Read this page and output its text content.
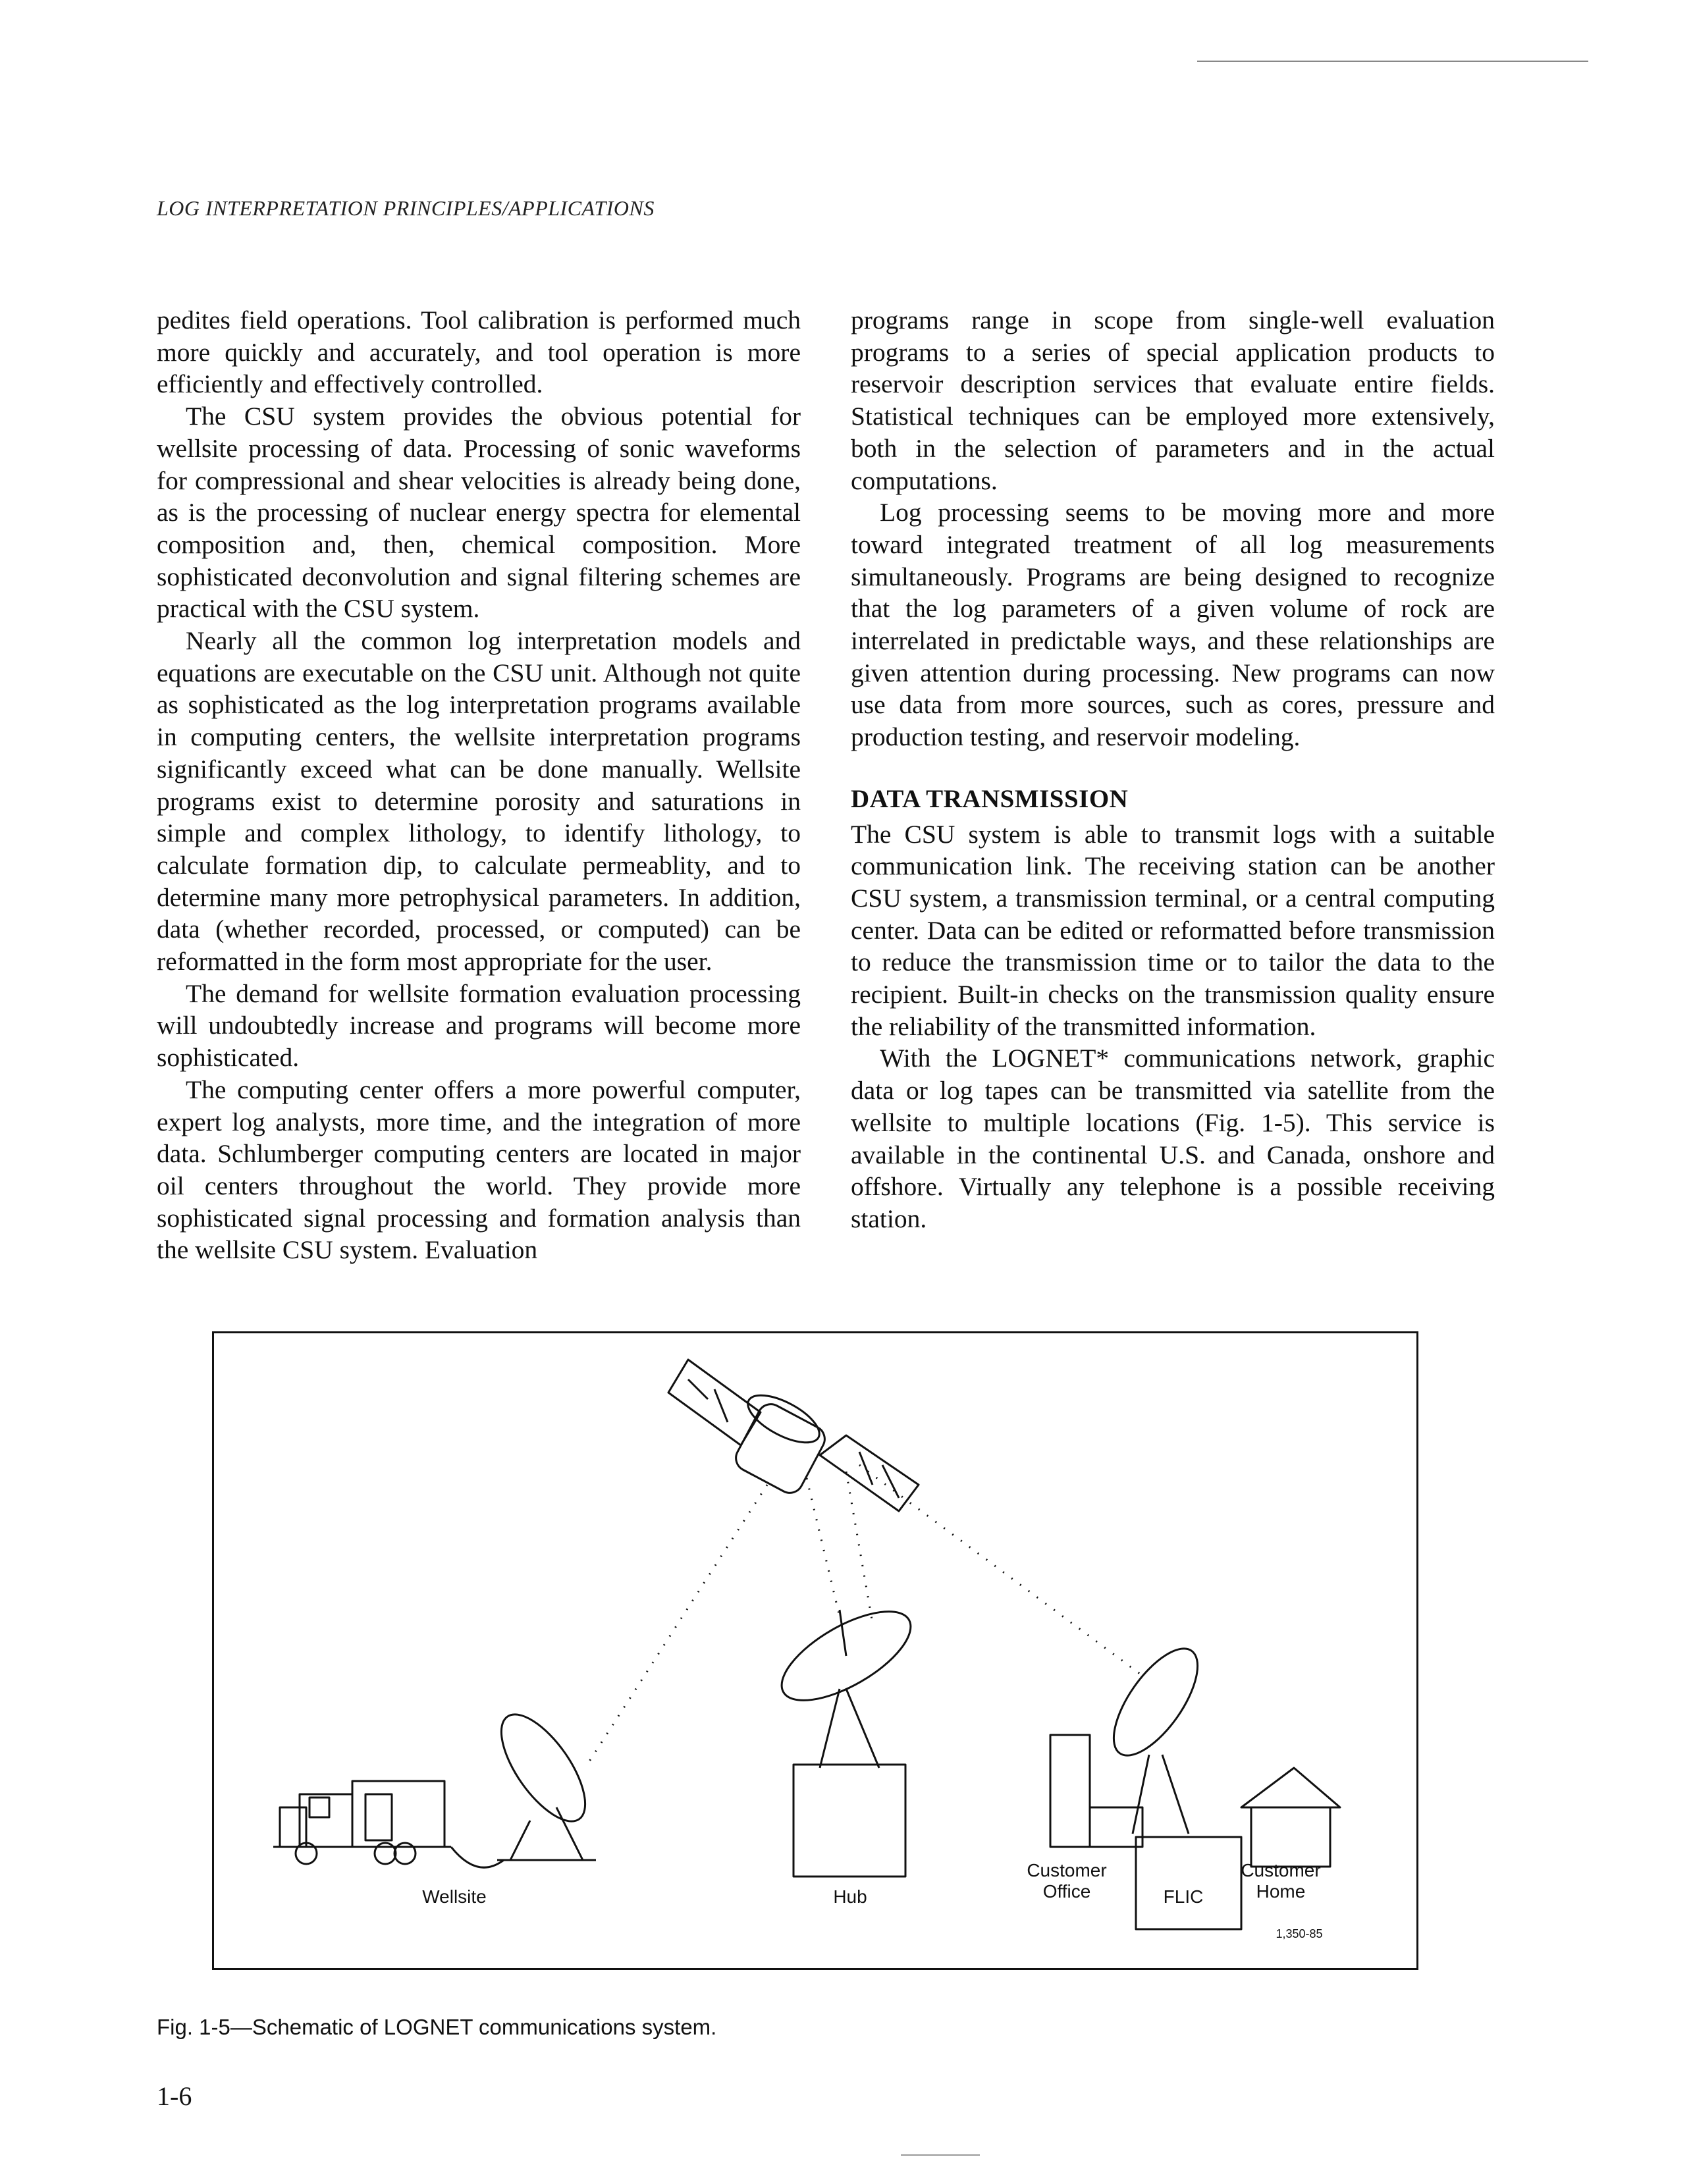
LOG INTERPRETATION PRINCIPLES/APPLICATIONS

pedites field operations. Tool calibration is performed much more quickly and accurately, and tool operation is more efficiently and effectively controlled.

The CSU system provides the obvious potential for wellsite processing of data. Processing of sonic waveforms for compressional and shear velocities is already being done, as is the processing of nuclear energy spectra for elemental composition and, then, chemical composition. More sophisticated deconvolution and signal filtering schemes are practical with the CSU system.

Nearly all the common log interpretation models and equations are executable on the CSU unit. Although not quite as sophisticated as the log interpretation programs available in computing centers, the wellsite interpretation programs significantly exceed what can be done manually. Wellsite programs exist to determine porosity and saturations in simple and complex lithology, to identify lithology, to calculate formation dip, to calculate permeablity, and to determine many more petrophysical parameters. In addition, data (whether recorded, processed, or computed) can be reformatted in the form most appropriate for the user.

The demand for wellsite formation evaluation processing will undoubtedly increase and programs will become more sophisticated.

The computing center offers a more powerful computer, expert log analysts, more time, and the integration of more data. Schlumberger computing centers are located in major oil centers throughout the world. They provide more sophisticated signal processing and formation analysis than the wellsite CSU system. Evaluation

programs range in scope from single-well evaluation programs to a series of special application products to reservoir description services that evaluate entire fields. Statistical techniques can be employed more extensively, both in the selection of parameters and in the actual computations.

Log processing seems to be moving more and more toward integrated treatment of all log measurements simultaneously. Programs are being designed to recognize that the log parameters of a given volume of rock are interrelated in predictable ways, and these relationships are given attention during processing. New programs can now use data from more sources, such as cores, pressure and production testing, and reservoir modeling.

DATA TRANSMISSION

The CSU system is able to transmit logs with a suitable communication link. The receiving station can be another CSU system, a transmission terminal, or a central computing center. Data can be edited or reformatted before transmission to reduce the transmission time or to tailor the data to the recipient. Built-in checks on the transmission quality ensure the reliability of the transmitted information.

With the LOGNET* communications network, graphic data or log tapes can be transmitted via satellite from the wellsite to multiple locations (Fig. 1-5). This service is available in the continental U.S. and Canada, onshore and offshore. Virtually any telephone is a possible receiving station.

Wellsite	Hub
Customer
Office	FLIC
Customer
Home
1,350-85
Fig. 1-5—Schematic of LOGNET communications system.
1-6
